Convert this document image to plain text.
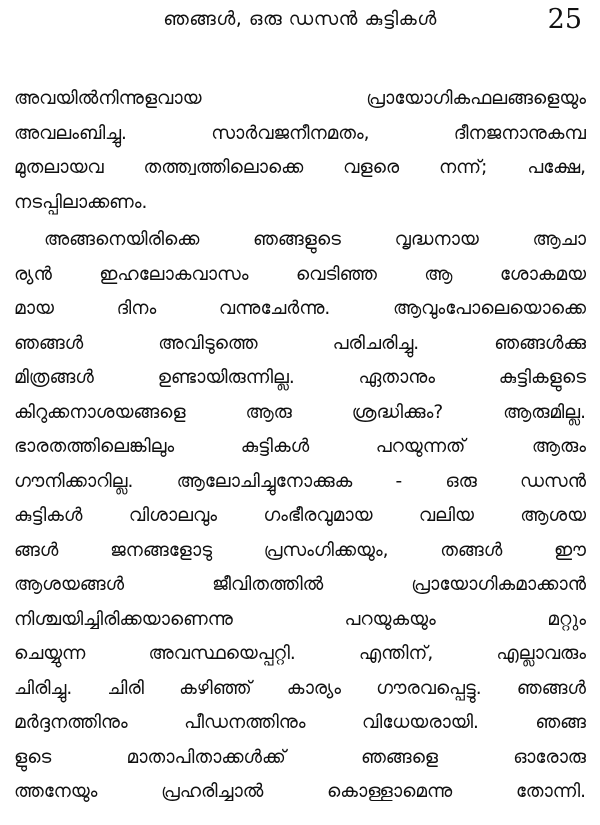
ഞങ്ങൾ, ഒരു ഡസൻ കുട്ടികൾ	25
അവയിൽനിന്നുളവായ പ്രായോഗികഫലങ്ങളെയും
അവലംബിച്ചു. സാർവജനീനമതം, ദീനജനാനുകമ്പ
മുതലായവ തത്ത്വത്തിലൊക്കെ വളരെ നന്ന്; പക്ഷേ,
നടപ്പിലാക്കണം.
അങ്ങനെയിരിക്കെ ഞങ്ങളുടെ വൃദ്ധനായ ആചാ
ര്യൻ ഇഹലോകവാസം വെടിഞ്ഞ ആ ശോകമയ
മായ ദിനം വന്നുചേർന്നു. ആവുംപോലെയൊക്കെ
ഞങ്ങൾ അവിടുത്തെ പരിചരിച്ചു. ഞങ്ങൾക്കു
മിത്രങ്ങൾ ഉണ്ടായിരുന്നില്ല. ഏതാനും കുട്ടികളുടെ
കിറുക്കനാശയങ്ങളെ ആരു ശ്രദ്ധിക്കും? ആരുമില്ല.
ഭാരതത്തിലെങ്കിലും കുട്ടികൾ പറയുന്നത് ആരും
ഗൗനിക്കാറില്ല. ആലോചിച്ചുനോക്കുക - ഒരു ഡസൻ
കുട്ടികൾ വിശാലവും ഗംഭീരവുമായ വലിയ ആശയ
ങ്ങൾ ജനങ്ങളോടു പ്രസംഗിക്കയും, തങ്ങൾ ഈ
ആശയങ്ങൾ ജീവിതത്തിൽ പ്രായോഗികമാക്കാൻ
നിശ്ചയിച്ചിരിക്കയാണെന്നു പറയുകയും മറ്റും
ചെയ്യുന്ന അവസ്ഥയെപ്പറ്റി. എന്തിന്, എല്ലാവരും
ചിരിച്ചു. ചിരി കഴിഞ്ഞ് കാര്യം ഗൗരവപ്പെട്ടു. ഞങ്ങൾ
മർദ്ദനത്തിനും പീഡനത്തിനും വിധേയരായി. ഞങ്ങ
ളുടെ മാതാപിതാക്കൾക്ക് ഞങ്ങളെ ഓരോരു
ത്തനേയും പ്രഹരിച്ചാൽ കൊള്ളാമെന്നു തോന്നി.
